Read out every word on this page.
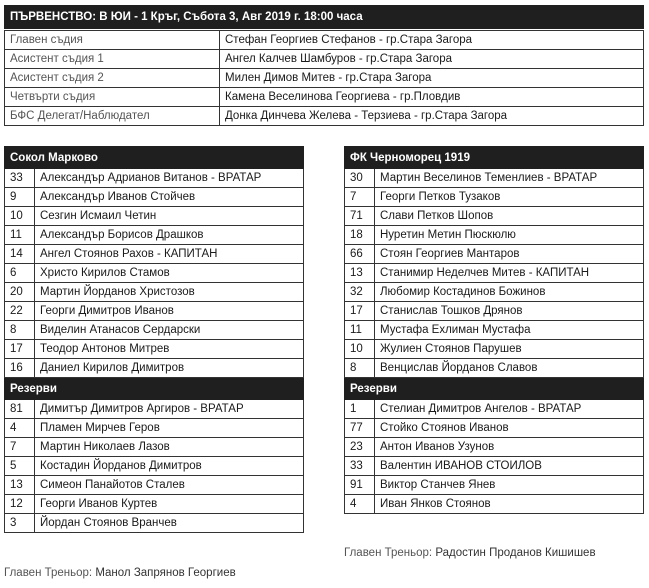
ПЪРВЕНСТВО: В ЮИ - 1 Кръг, Събота 3, Авг 2019 г. 18:00 часа
Главен съдия	Стефан Георгиев Стефанов - гр.Стара Загора
Асистент съдия 1	Ангел Калчев Шамбуров - гр.Стара Загора
Асистент съдия 2	Милен Димов Митев - гр.Стара Загора
Четвърти съдия	Камена Веселинова Георгиева - гр.Пловдив
БФС Делегат/Наблюдател	Донка Динчева Желева - Терзиева - гр.Стара Загора
Сокол Марково	
33	Александър Адрианов Витанов - ВРАТАР
9	Александър Иванов Стойчев
10	Сезгин Исмаил Четин
11	Александър Борисов Драшков
14	Ангел Стоянов Рахов - КАПИТАН
6	Христо Кирилов Стамов
20	Мартин Йорданов Христозов
22	Георги Димитров Иванов
8	Виделин Атанасов Сердарски
17	Теодор Антонов Митрев
16	Даниел Кирилов Димитров
Резерви	
81	Димитър Димитров Аргиров - ВРАТАР
4	Пламен Мирчев Геров
7	Мартин Николаев Лазов
5	Костадин Йорданов Димитров
13	Симеон Панайотов Сталев
12	Георги Иванов Куртев
3	Йордан Стоянов Вранчев
ФК Черноморец 1919	
30	Мартин Веселинов Теменлиев - ВРАТАР
7	Георги Петков Тузаков
71	Слави Петков Шопов
18	Нуретин Метин Пюскюлю
66	Стоян Георгиев Мантаров
13	Станимир Неделчев Митев - КАПИТАН
32	Любомир Костадинов Божинов
17	Станислав Тошков Дрянов
11	Мустафа Ехлиман Мустафа
10	Жулиен Стоянов Парушев
8	Венцислав Йорданов Славов
Резерви	
1	Стелиан Димитров Ангелов - ВРАТАР
77	Стойко Стоянов Иванов
23	Антон Иванов Узунов
33	Валентин ИВАНОВ СТОИЛОВ
91	Виктор Станчев Янев
4	Иван Янков Стоянов
Главен Треньор: Манол Запрянов Георгиев
Главен Треньор: Радостин Проданов Кишишев
